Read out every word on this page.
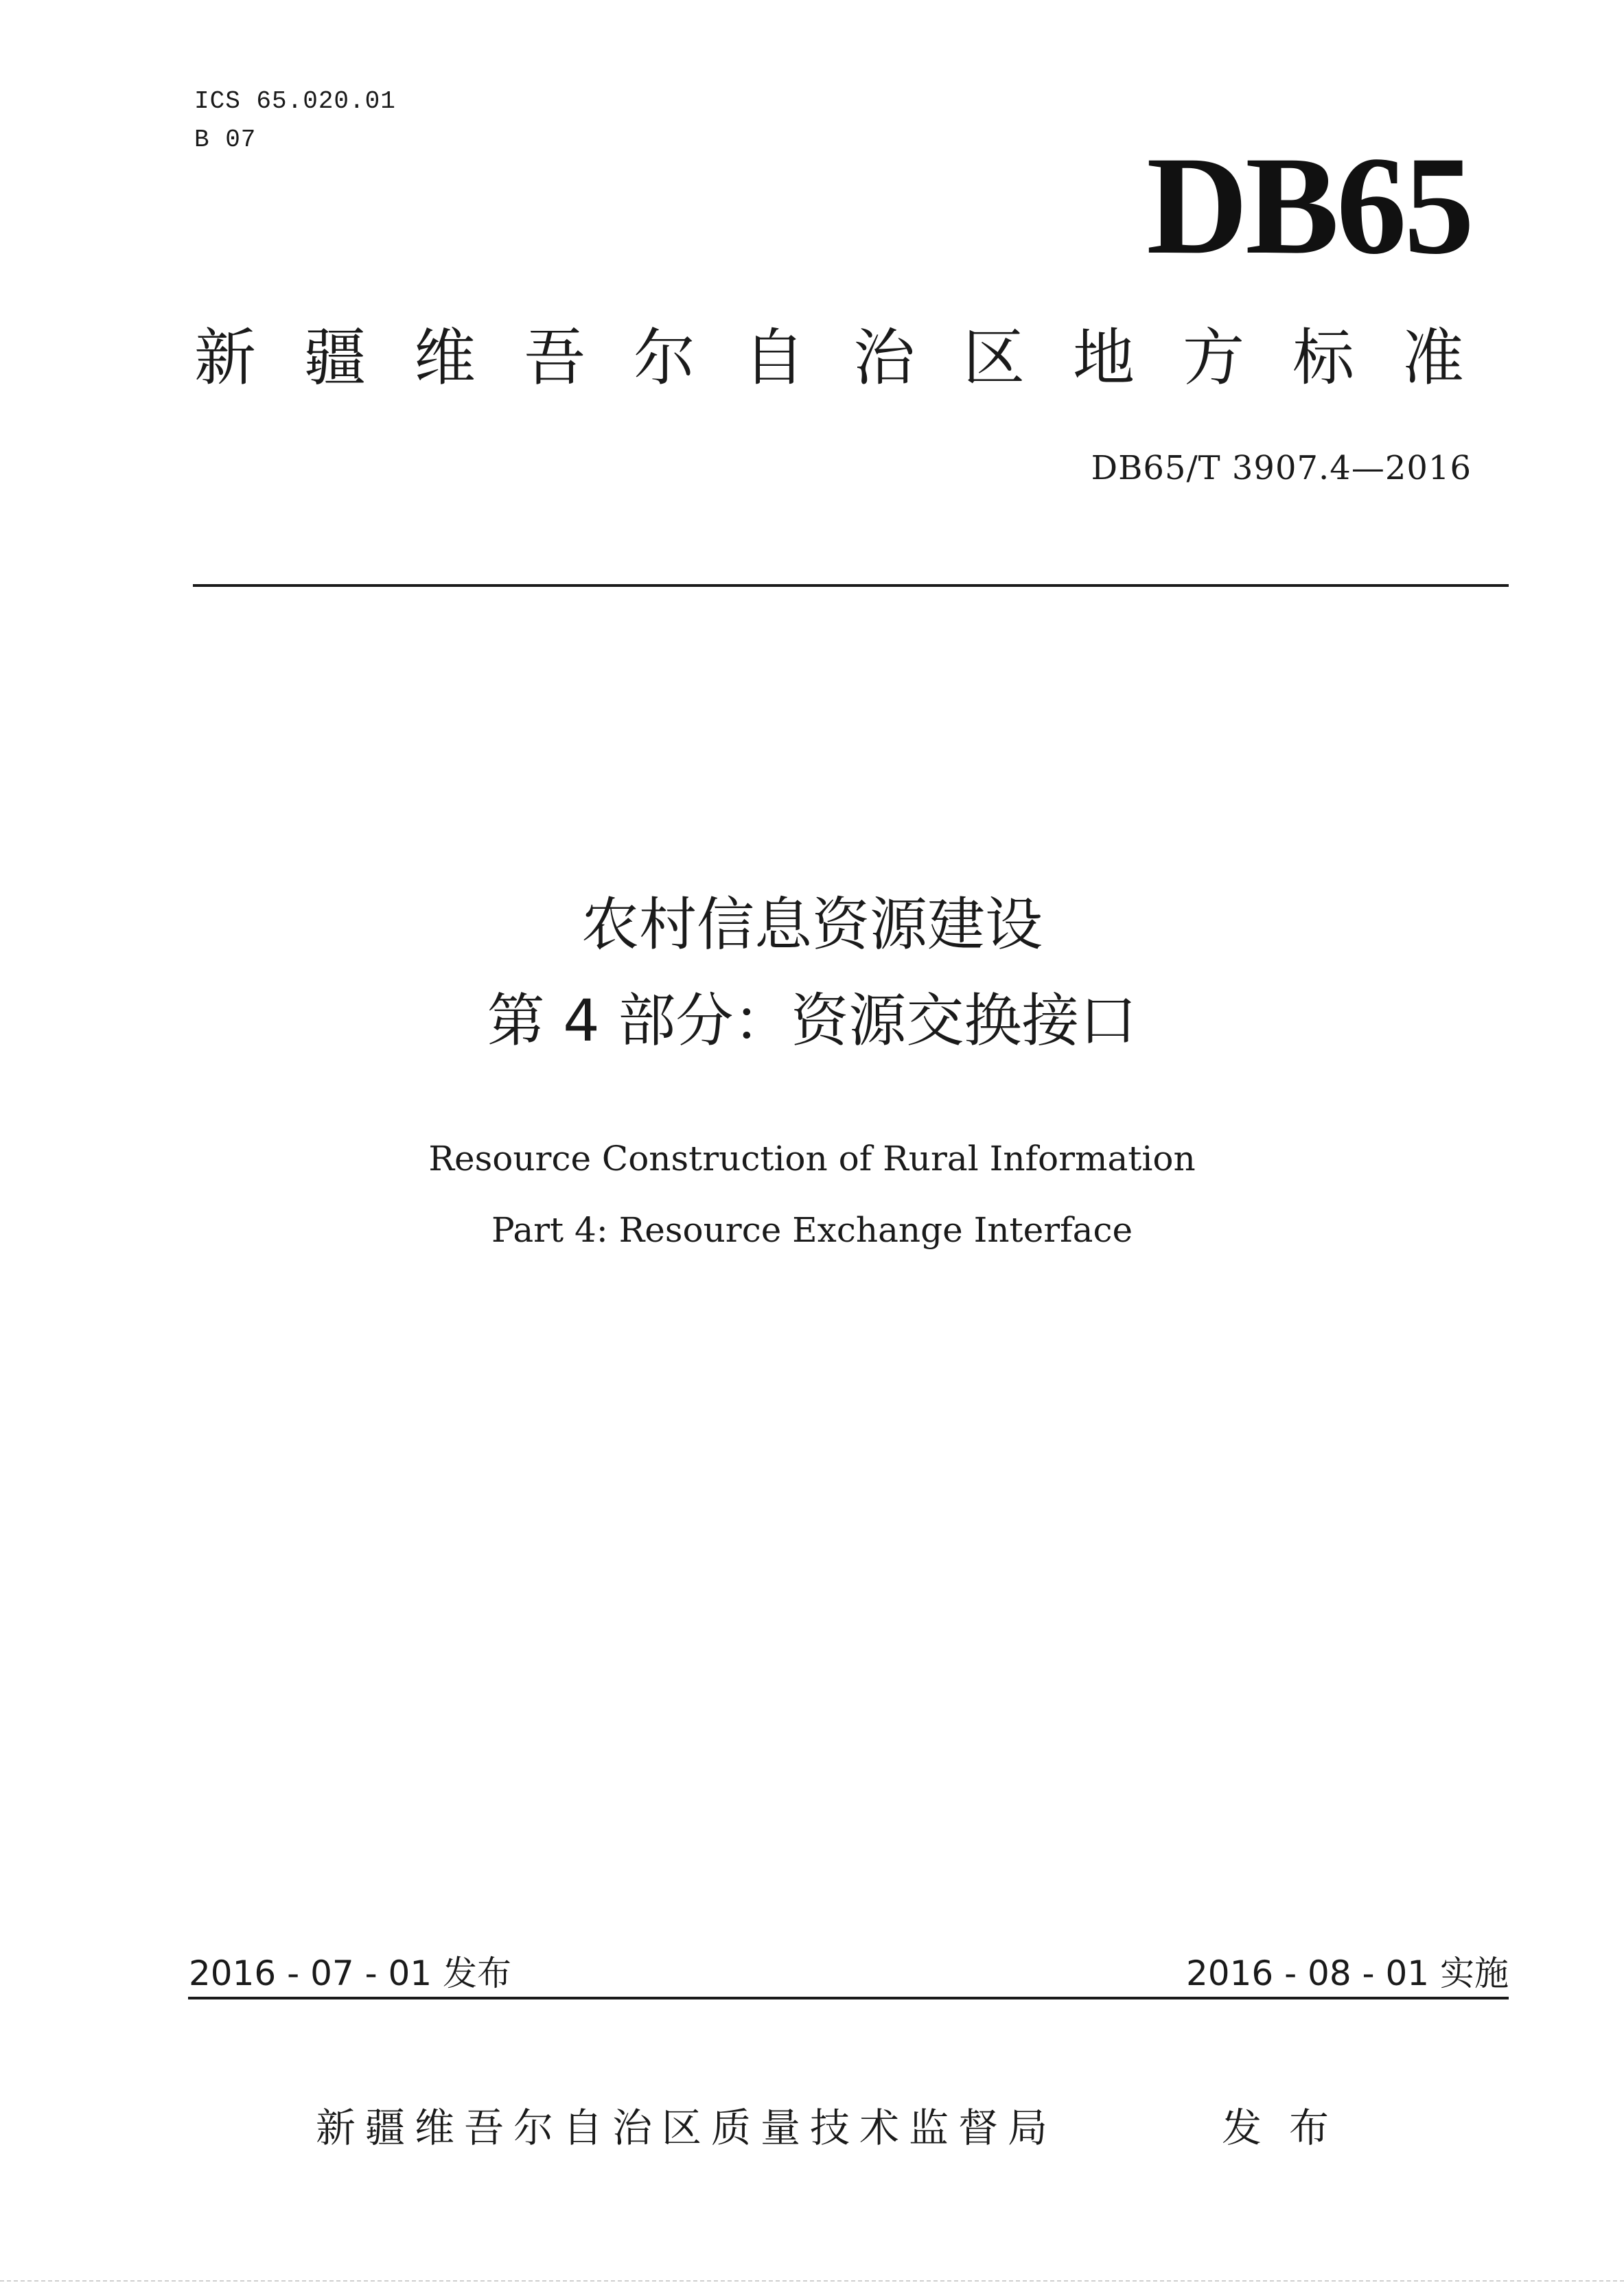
ICS 65.020.01
B 07	DB65
新疆维吾尔自治区地方标准
DB65/T 3907.4—2016
农村信息资源建设
第 4 部分：资源交换接口
Resource Construction of Rural Information
Part 4: Resource Exchange Interface
2016 - 07 - 01 发布	2016 - 08 - 01 实施
新疆维吾尔自治区质量技术监督局	发布
